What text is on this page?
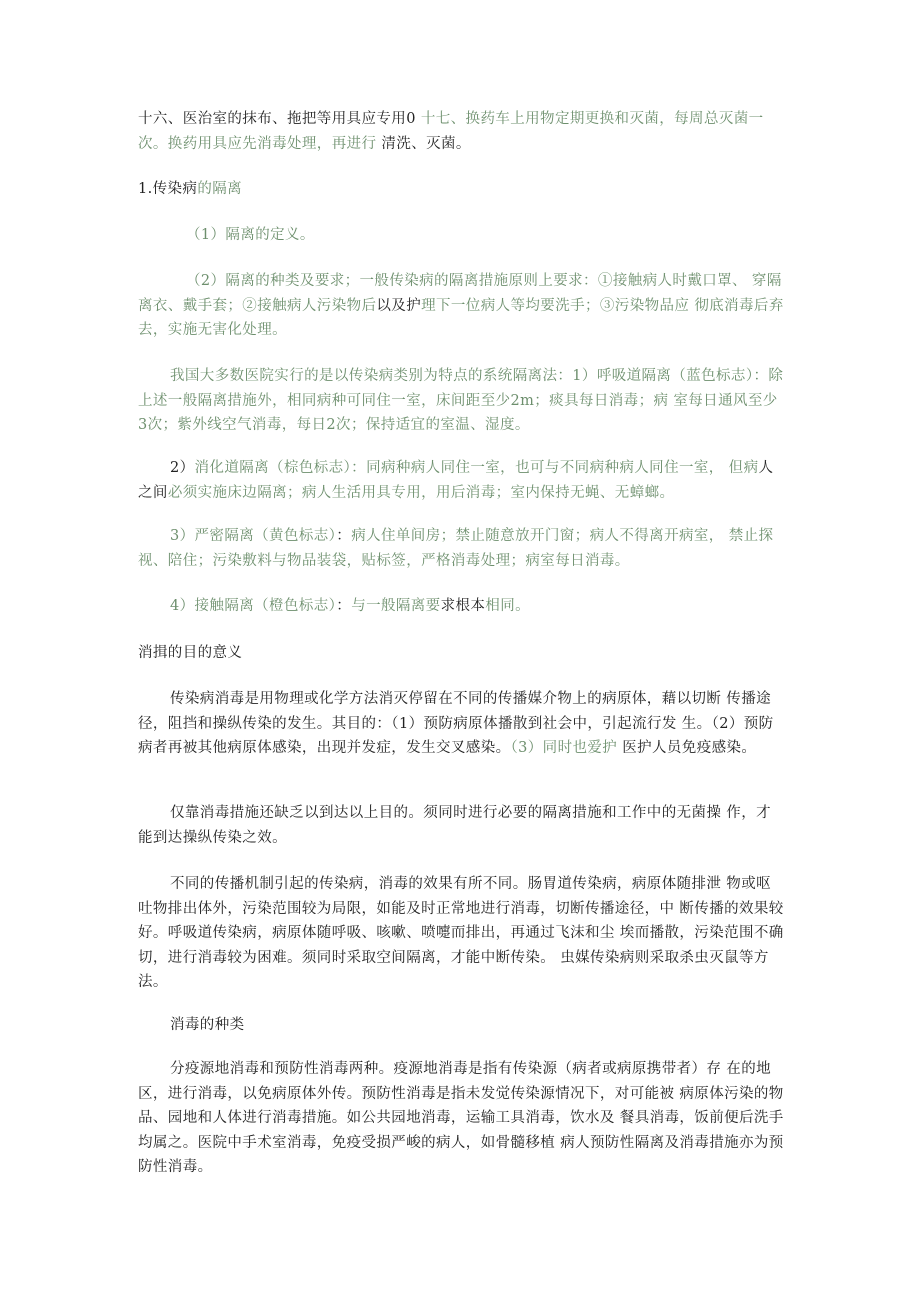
十六、医治室的抹布、拖把等用具应专用0 十七、换药车上用物定期更换和灭菌，每周总灭菌一次。换药用具应先消毒处理，再进行 清洗、灭菌。

1.传染病的隔离

（1）隔离的定义。

（2）隔离的种类及要求；一般传染病的隔离措施原则上要求：①接触病人时戴口罩、 穿隔离衣、戴手套；②接触病人污染物后以及护理下一位病人等均要洗手；③污染物品应 彻底消毒后弃去，实施无害化处理。

我国大多数医院实行的是以传染病类别为特点的系统隔离法：1）呼吸道隔离（蓝色标志）：除上述一般隔离措施外，相同病种可同住一室，床间距至少2m；痰具每日消毒；病 室每日通风至少3次；紫外线空气消毒，每日2次；保持适宜的室温、湿度。

2）消化道隔离（棕色标志）：同病种病人同住一室，也可与不同病种病人同住一室， 但病人之间必须实施床边隔离；病人生活用具专用，用后消毒；室内保持无蝇、无蟑螂。

3）严密隔离（黄色标志）：病人住单间房；禁止随意放开门窗；病人不得离开病室， 禁止探视、陪住；污染敷料与物品装袋，贴标签，严格消毒处理；病室每日消毒。

4）接触隔离（橙色标志）：与一般隔离要求根本相同。

消揖的目的意义

传染病消毒是用物理或化学方法消灭停留在不同的传播媒介物上的病原体，藉以切断 传播途径，阻挡和操纵传染的发生。其目的：（1）预防病原体播散到社会中，引起流行发 生。（2）预防病者再被其他病原体感染，出现并发症，发生交叉感染。（3）同时也爱护 医护人员免疫感染。

仅靠消毒措施还缺乏以到达以上目的。须同时进行必要的隔离措施和工作中的无菌操 作，才能到达操纵传染之效。

不同的传播机制引起的传染病，消毒的效果有所不同。肠胃道传染病，病原体随排泄 物或呕吐物排出体外，污染范围较为局限，如能及时正常地进行消毒，切断传播途径，中 断传播的效果较好。呼吸道传染病，病原体随呼吸、咳嗽、喷嚏而排出，再通过飞沫和尘 埃而播散，污染范围不确切，进行消毒较为困难。须同时采取空间隔离，才能中断传染。 虫媒传染病则采取杀虫灭鼠等方法。

消毒的种类

分疫源地消毒和预防性消毒两种。疫源地消毒是指有传染源（病者或病原携带者）存 在的地区，进行消毒，以免病原体外传。预防性消毒是指未发觉传染源情况下，对可能被 病原体污染的物品、园地和人体进行消毒措施。如公共园地消毒，运输工具消毒，饮水及 餐具消毒，饭前便后洗手均属之。医院中手术室消毒，免疫受损严峻的病人，如骨髓移植 病人预防性隔离及消毒措施亦为预防性消毒。
